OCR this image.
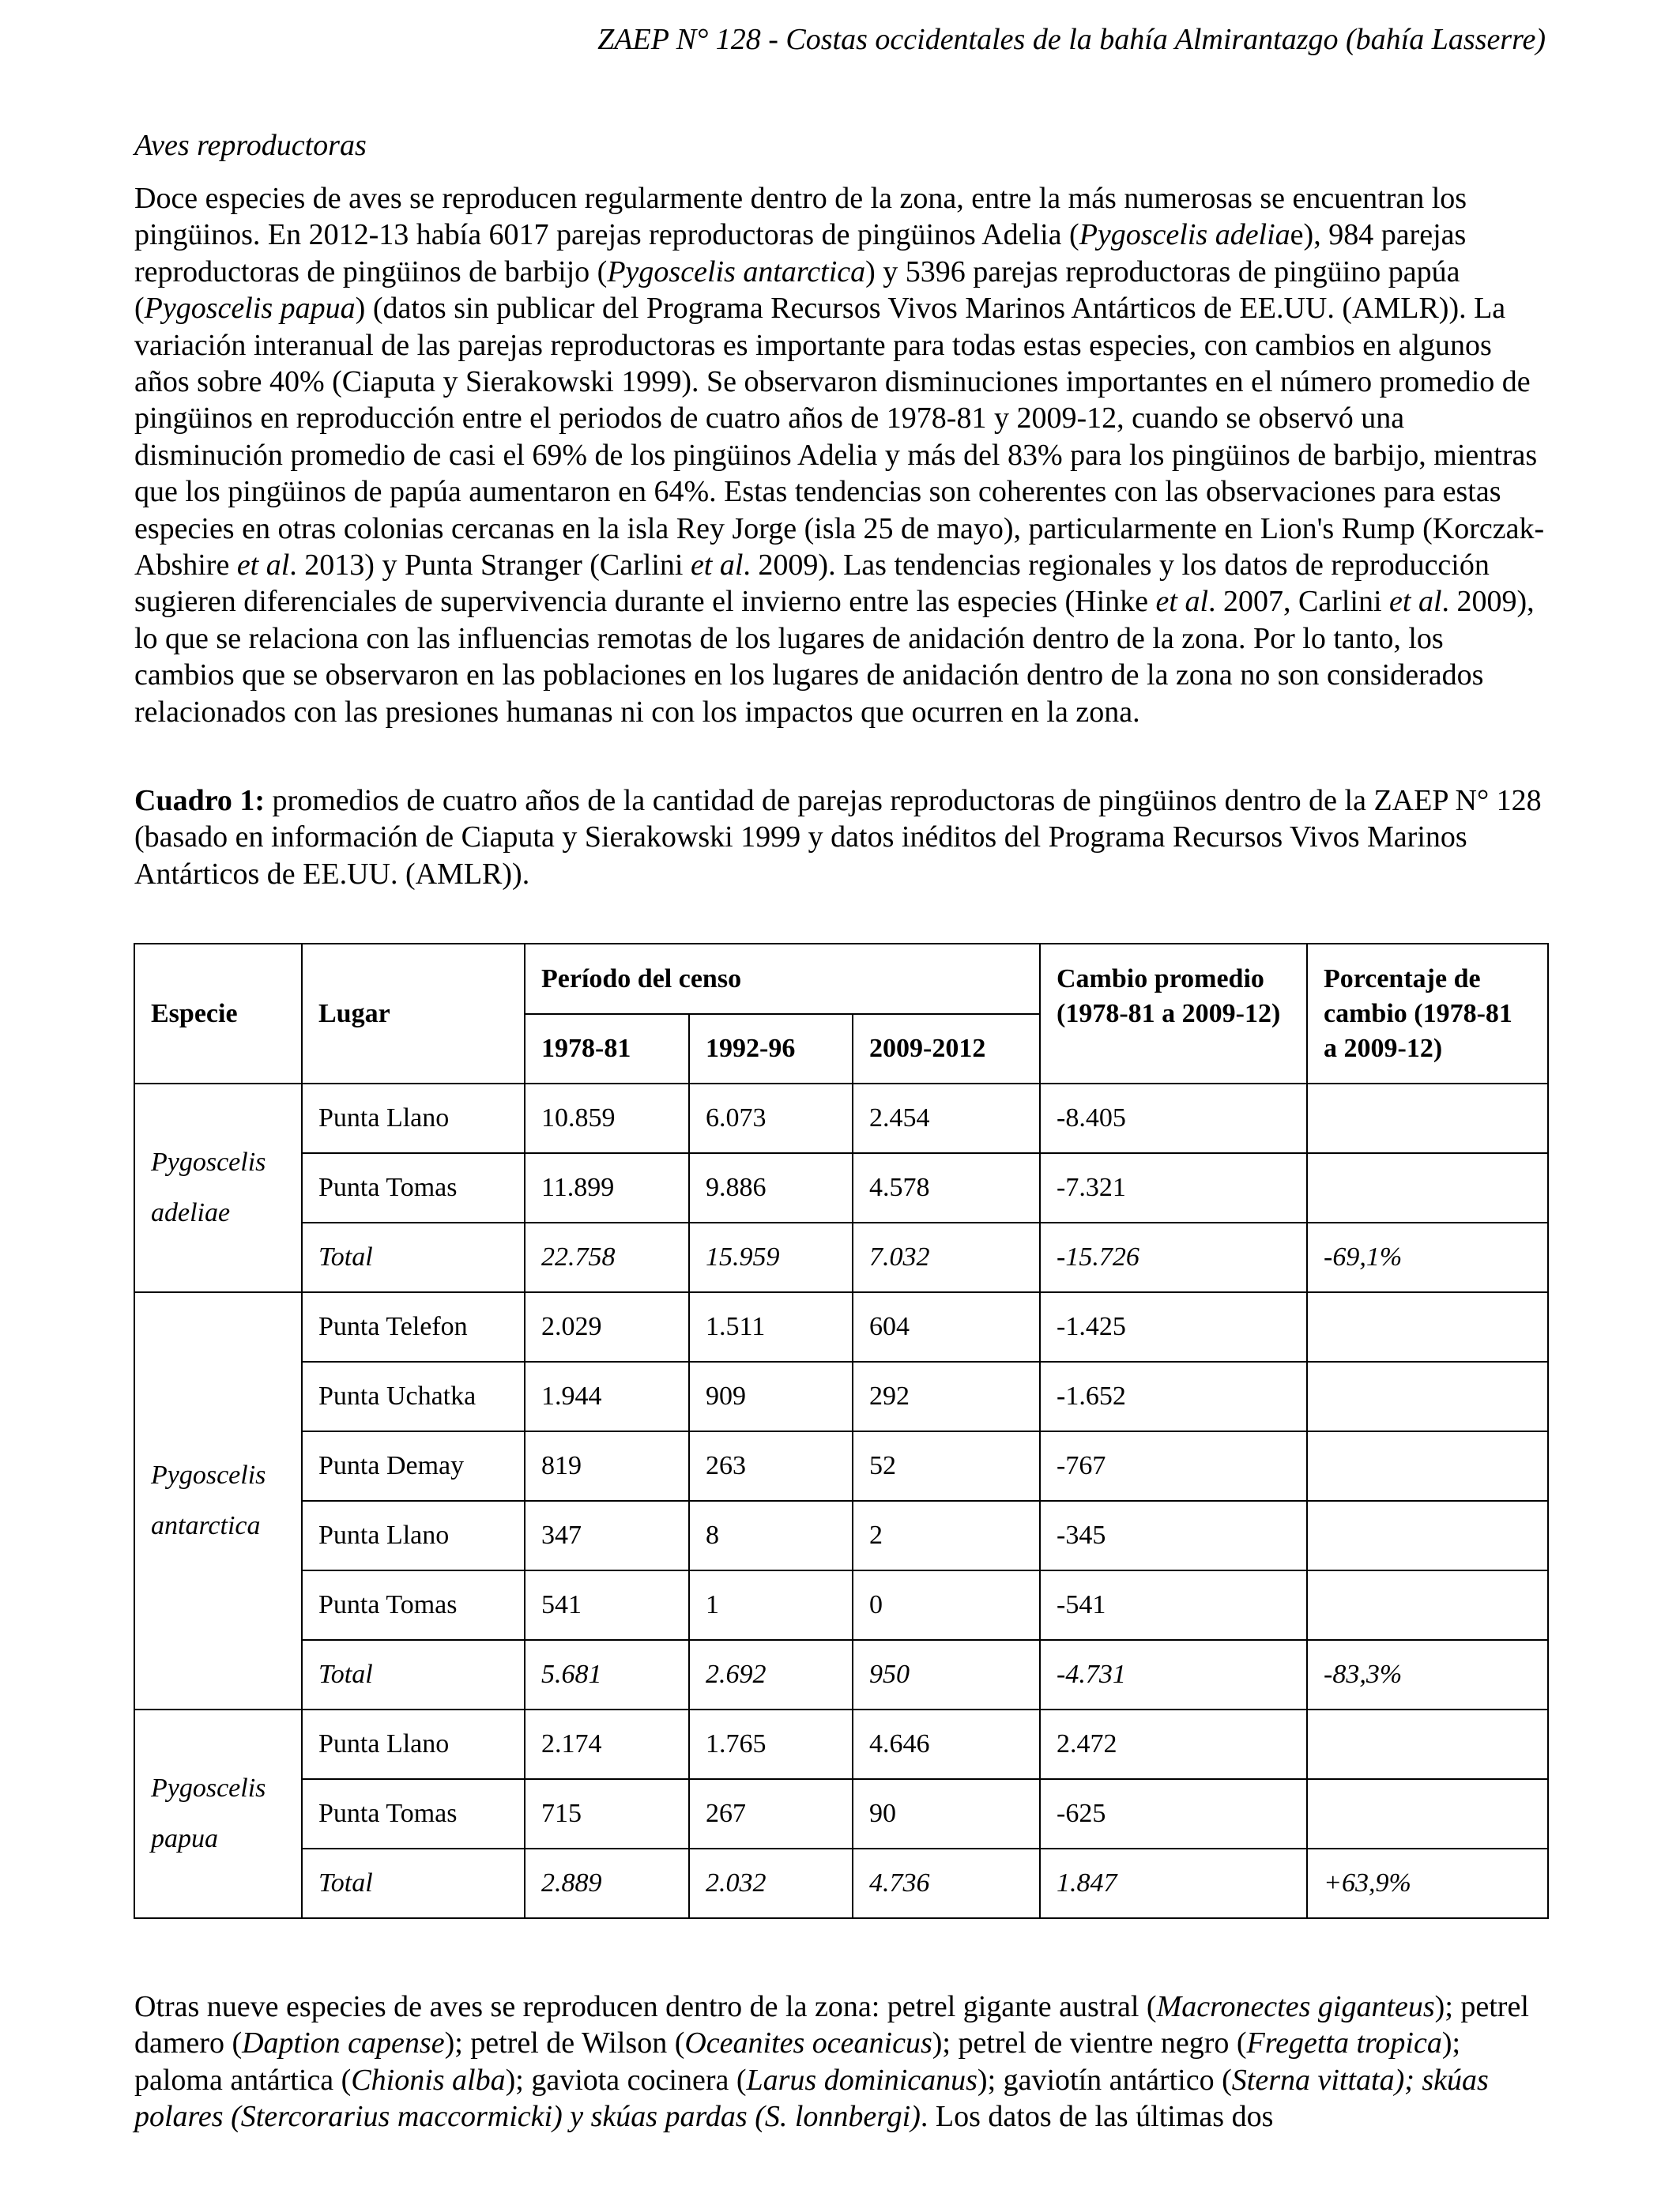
ZAEP N° 128 - Costas occidentales de la bahía Almirantazgo (bahía Lasserre)
Aves reproductoras

Doce especies de aves se reproducen regularmente dentro de la zona, entre la más numerosas se encuentran los pingüinos. En 2012-13 había 6017 parejas reproductoras de pingüinos Adelia (Pygoscelis adeliae), 984 parejas reproductoras de pingüinos de barbijo (Pygoscelis antarctica) y 5396 parejas reproductoras de pingüino papúa (Pygoscelis papua) (datos sin publicar del Programa Recursos Vivos Marinos Antárticos de EE.UU. (AMLR)). La variación interanual de las parejas reproductoras es importante para todas estas especies, con cambios en algunos años sobre 40% (Ciaputa y Sierakowski 1999). Se observaron disminuciones importantes en el número promedio de pingüinos en reproducción entre el periodos de cuatro años de 1978-81 y 2009-12, cuando se observó una disminución promedio de casi el 69% de los pingüinos Adelia y más del 83% para los pingüinos de barbijo, mientras que los pingüinos de papúa aumentaron en 64%. Estas tendencias son coherentes con las observaciones para estas especies en otras colonias cercanas en la isla Rey Jorge (isla 25 de mayo), particularmente en Lion's Rump (Korczak-Abshire et al. 2013) y Punta Stranger (Carlini et al. 2009). Las tendencias regionales y los datos de reproducción sugieren diferenciales de supervivencia durante el invierno entre las especies (Hinke et al. 2007, Carlini et al. 2009), lo que se relaciona con las influencias remotas de los lugares de anidación dentro de la zona. Por lo tanto, los cambios que se observaron en las poblaciones en los lugares de anidación dentro de la zona no son considerados relacionados con las presiones humanas ni con los impactos que ocurren en la zona.

Cuadro 1: promedios de cuatro años de la cantidad de parejas reproductoras de pingüinos dentro de la ZAEP N° 128 (basado en información de Ciaputa y Sierakowski 1999 y datos inéditos del Programa Recursos Vivos Marinos Antárticos de EE.UU. (AMLR)).

Especie	Lugar	Período del censo			Cambio promedio (1978-81 a 2009-12)	Porcentaje de cambio (1978-81 a 2009-12)
		1978-81	1992-96	2009-2012		
Pygoscelis adeliae	Punta Llano	10.859	6.073	2.454	-8.405	
	Punta Tomas	11.899	9.886	4.578	-7.321	
	Total	22.758	15.959	7.032	-15.726	-69,1%
Pygoscelis antarctica	Punta Telefon	2.029	1.511	604	-1.425	
	Punta Uchatka	1.944	909	292	-1.652	
	Punta Demay	819	263	52	-767	
	Punta Llano	347	8	2	-345	
	Punta Tomas	541	1	0	-541	
	Total	5.681	2.692	950	-4.731	-83,3%
Pygoscelis papua	Punta Llano	2.174	1.765	4.646	2.472	
	Punta Tomas	715	267	90	-625	
	Total	2.889	2.032	4.736	1.847	+63,9%

Otras nueve especies de aves se reproducen dentro de la zona: petrel gigante austral (Macronectes giganteus); petrel damero (Daption capense); petrel de Wilson (Oceanites oceanicus); petrel de vientre negro (Fregetta tropica); paloma antártica (Chionis alba); gaviota cocinera (Larus dominicanus); gaviotín antártico (Sterna vittata); skúas polares (Stercorarius maccormicki) y skúas pardas (S. lonnbergi). Los datos de las últimas dos
